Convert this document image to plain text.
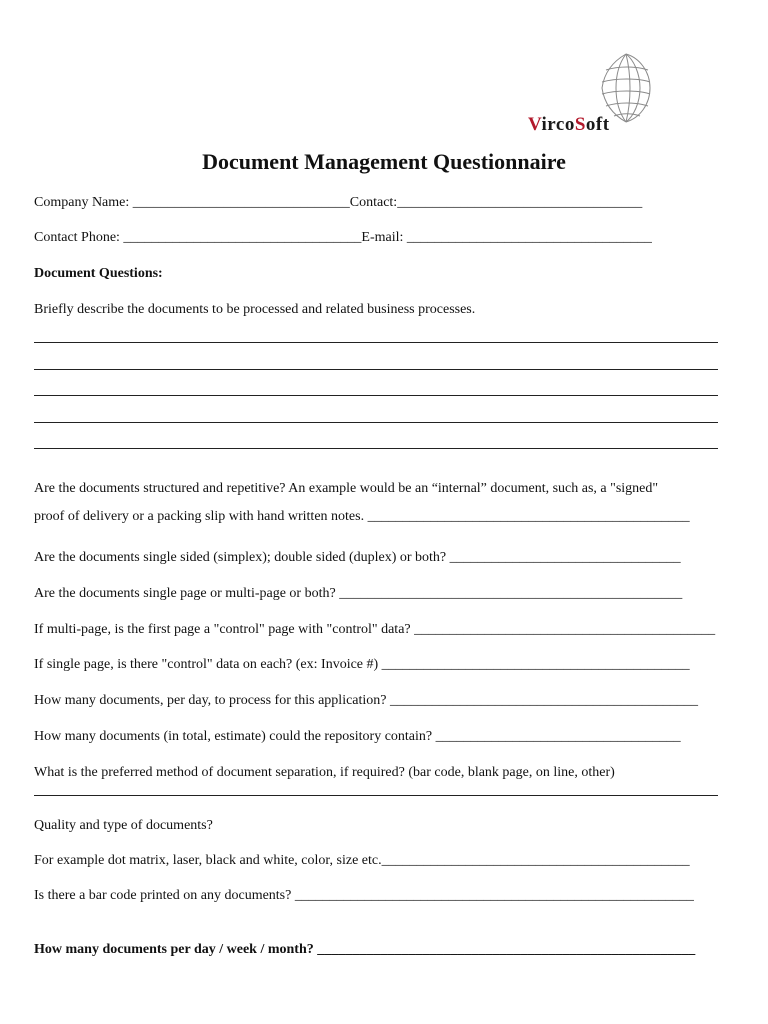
VircoSoft
Document Management Questionnaire
Company Name: _______________________________Contact:___________________________________
Contact Phone: __________________________________E-mail: ___________________________________
Document Questions:
Briefly describe the documents to be processed and related business processes.
Are the documents structured and repetitive? An example would be an “internal” document, such as, a "signed"
proof of delivery or a packing slip with hand written notes. ______________________________________________
Are the documents single sided (simplex); double sided (duplex) or both? _________________________________
Are the documents single page or multi-page or both? _________________________________________________
If multi-page, is the first page a "control" page with "control" data? ___________________________________________
If single page, is there "control" data on each? (ex: Invoice #) ____________________________________________
How many documents, per day, to process for this application? ____________________________________________
How many documents (in total, estimate) could the repository contain? ___________________________________
What is the preferred method of document separation, if required? (bar code, blank page, on line, other)
Quality and type of documents?
For example dot matrix, laser, black and white, color, size etc.____________________________________________
Is there a bar code printed on any documents? _________________________________________________________
How many documents per day / week / month? ______________________________________________________
